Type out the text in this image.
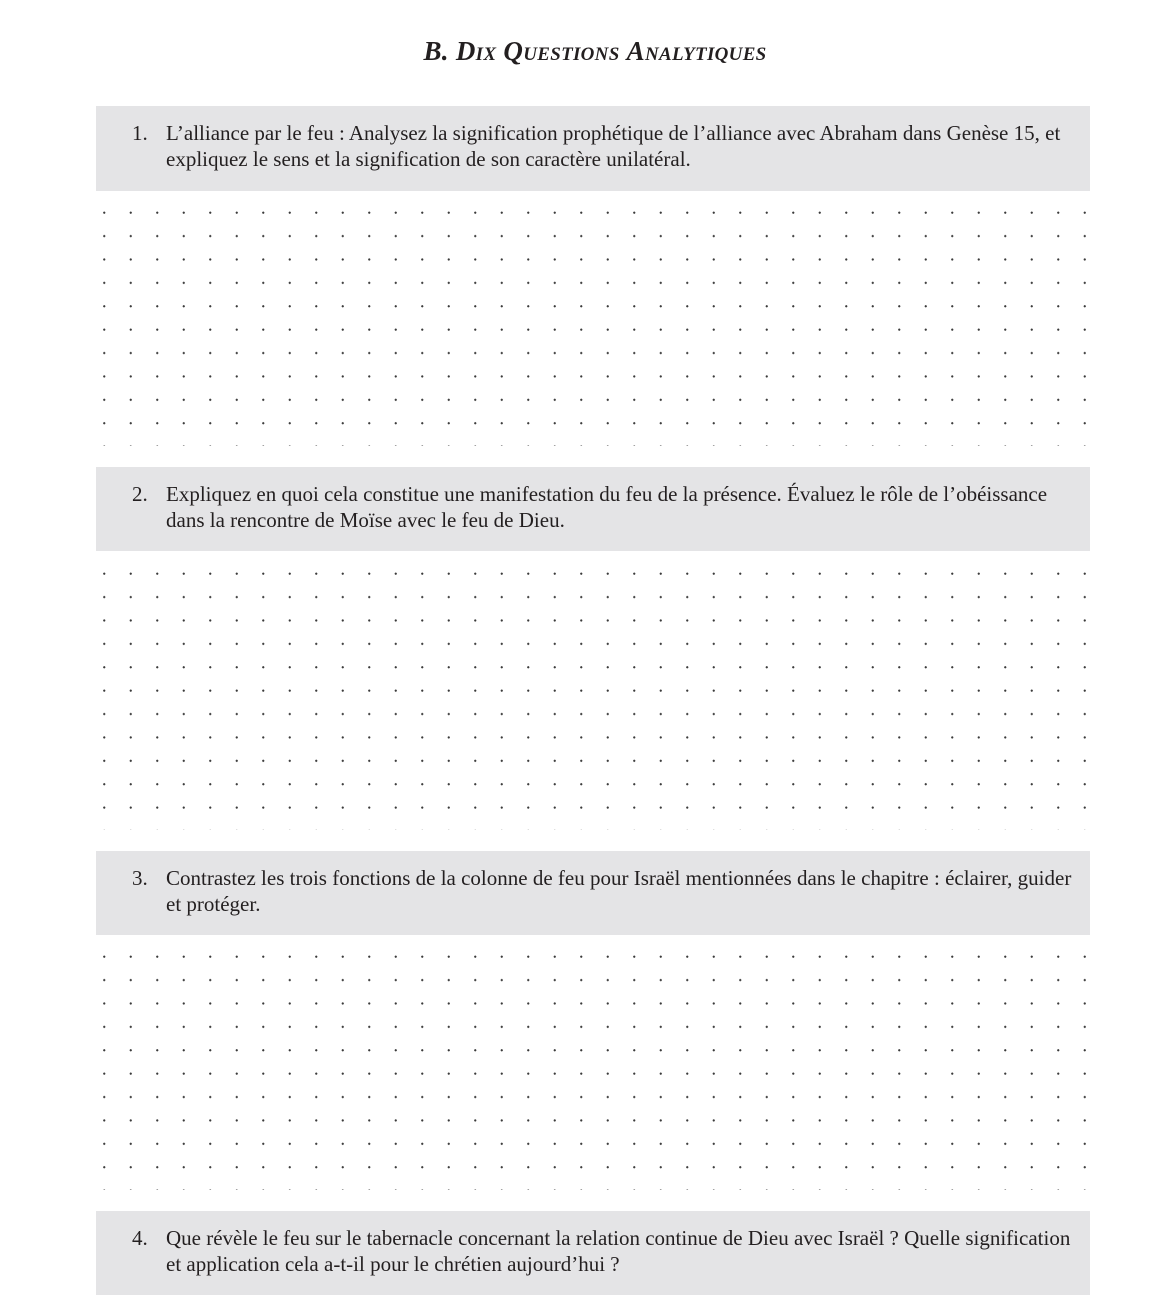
B. Dix Questions Analytiques
1. L’alliance par le feu : Analysez la signification prophétique de l’alliance avec Abraham dans Genèse 15, et expliquez le sens et la signification de son caractère unilatéral.
2. Expliquez en quoi cela constitue une manifestation du feu de la présence. Évaluez le rôle de l’obéissance dans la rencontre de Moïse avec le feu de Dieu.
3. Contrastez les trois fonctions de la colonne de feu pour Israël mentionnées dans le chapitre : éclairer, guider et protéger.
4. Que révèle le feu sur le tabernacle concernant la relation continue de Dieu avec Israël ? Quelle signification et application cela a-t-il pour le chrétien aujourd’hui ?
